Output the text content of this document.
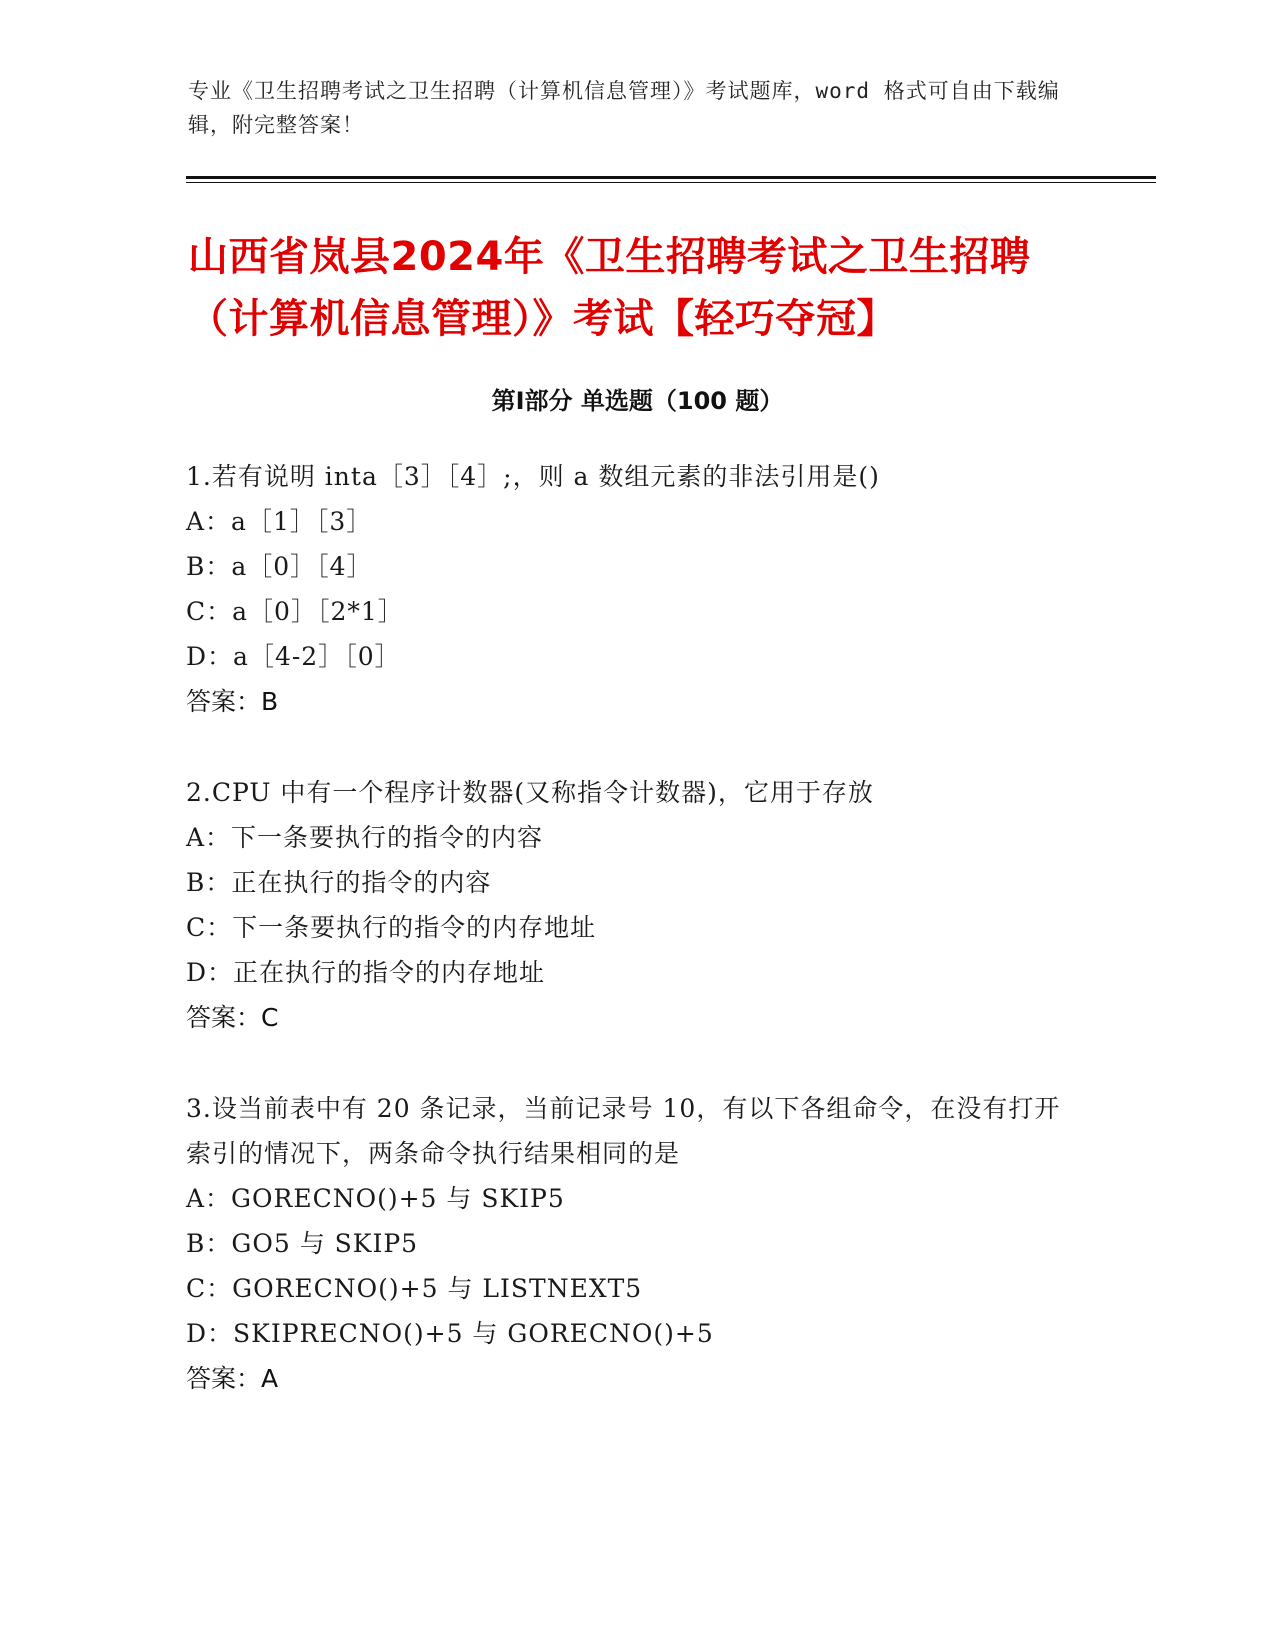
专业《卫生招聘考试之卫生招聘（计算机信息管理）》考试题库，word 格式可自由下载编辑，附完整答案！
山西省岚县2024年《卫生招聘考试之卫生招聘（计算机信息管理）》考试【轻巧夺冠】
第Ⅰ部分 单选题（100 题）
1.若有说明 inta［3］［4］;，则 a 数组元素的非法引用是()
A：a［1］［3］
B：a［0］［4］
C：a［0］［2*1］
D：a［4-2］［0］
答案：B
2.CPU 中有一个程序计数器(又称指令计数器)，它用于存放
A：下一条要执行的指令的内容
B：正在执行的指令的内容
C：下一条要执行的指令的内存地址
D：正在执行的指令的内存地址
答案：C
3.设当前表中有 20 条记录，当前记录号 10，有以下各组命令，在没有打开索引的情况下，两条命令执行结果相同的是
A：GORECNO()+5 与 SKIP5
B：GO5 与 SKIP5
C：GORECNO()+5 与 LISTNEXT5
D：SKIPRECNO()+5 与 GORECNO()+5
答案：A
